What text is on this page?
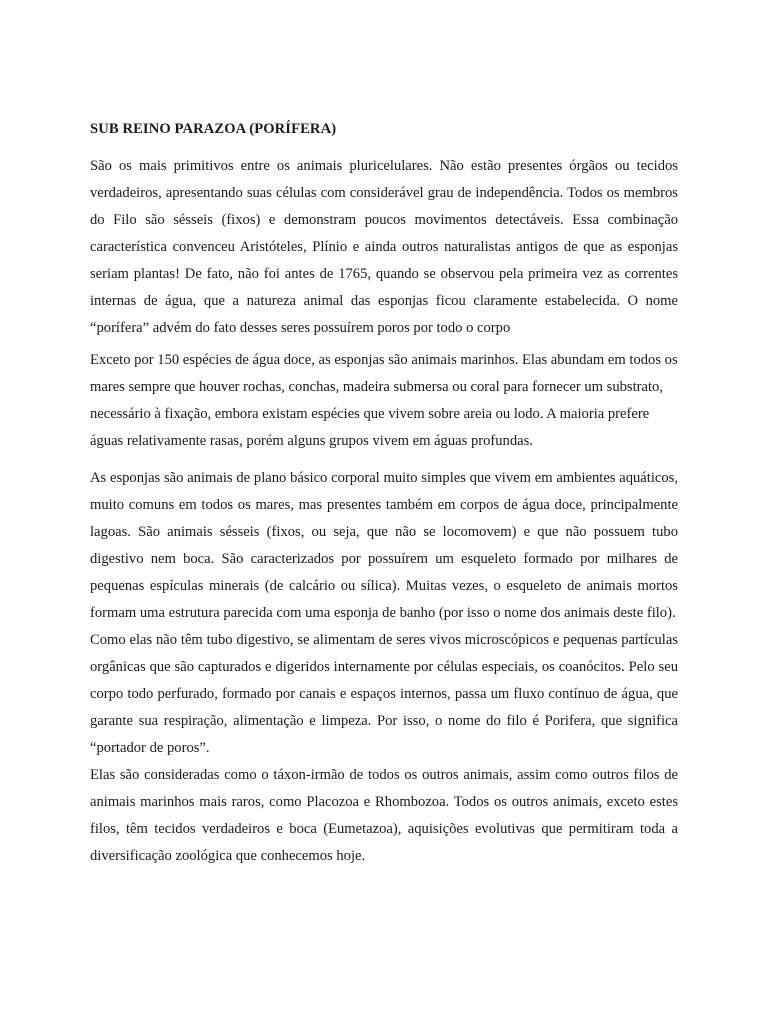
SUB REINO PARAZOA (PORÍFERA)

São os mais primitivos entre os animais pluricelulares. Não estão presentes órgãos ou tecidos verdadeiros, apresentando suas células com considerável grau de independência. Todos os membros do Filo são sésseis (fixos) e demonstram poucos movimentos detectáveis. Essa combinação característica convenceu Aristóteles, Plínio e ainda outros naturalistas antigos de que as esponjas seriam plantas! De fato, não foi antes de 1765, quando se observou pela primeira vez as correntes internas de água, que a natureza animal das esponjas ficou claramente estabelecida. O nome “porífera” advém do fato desses seres possuírem poros por todo o corpo

Exceto por 150 espécies de água doce, as esponjas são animais marinhos. Elas abundam em todos os mares sempre que houver rochas, conchas, madeira submersa ou coral para fornecer um substrato, necessário à fixação, embora existam espécies que vivem sobre areia ou lodo. A maioria prefere águas relativamente rasas, porém alguns grupos vivem em águas profundas.

As esponjas são animais de plano básico corporal muito simples que vivem em ambientes aquáticos, muito comuns em todos os mares, mas presentes também em corpos de água doce, principalmente lagoas. São animais sésseis (fixos, ou seja, que não se locomovem) e que não possuem tubo digestivo nem boca. São caracterizados por possuírem um esqueleto formado por milhares de pequenas espículas minerais (de calcário ou sílica). Muitas vezes, o esqueleto de animais mortos formam uma estrutura parecida com uma esponja de banho (por isso o nome dos animais deste filo).

Como elas não têm tubo digestivo, se alimentam de seres vivos microscópicos e pequenas partículas orgânicas que são capturados e digeridos internamente por células especiais, os coanócitos. Pelo seu corpo todo perfurado, formado por canais e espaços internos, passa um fluxo contínuo de água, que garante sua respiração, alimentação e limpeza. Por isso, o nome do filo é Porifera, que significa “portador de poros”.

Elas são consideradas como o táxon-irmão de todos os outros animais, assim como outros filos de animais marinhos mais raros, como Placozoa e Rhombozoa. Todos os outros animais, exceto estes filos, têm tecidos verdadeiros e boca (Eumetazoa), aquisições evolutivas que permitiram toda a diversificação zoológica que conhecemos hoje.
